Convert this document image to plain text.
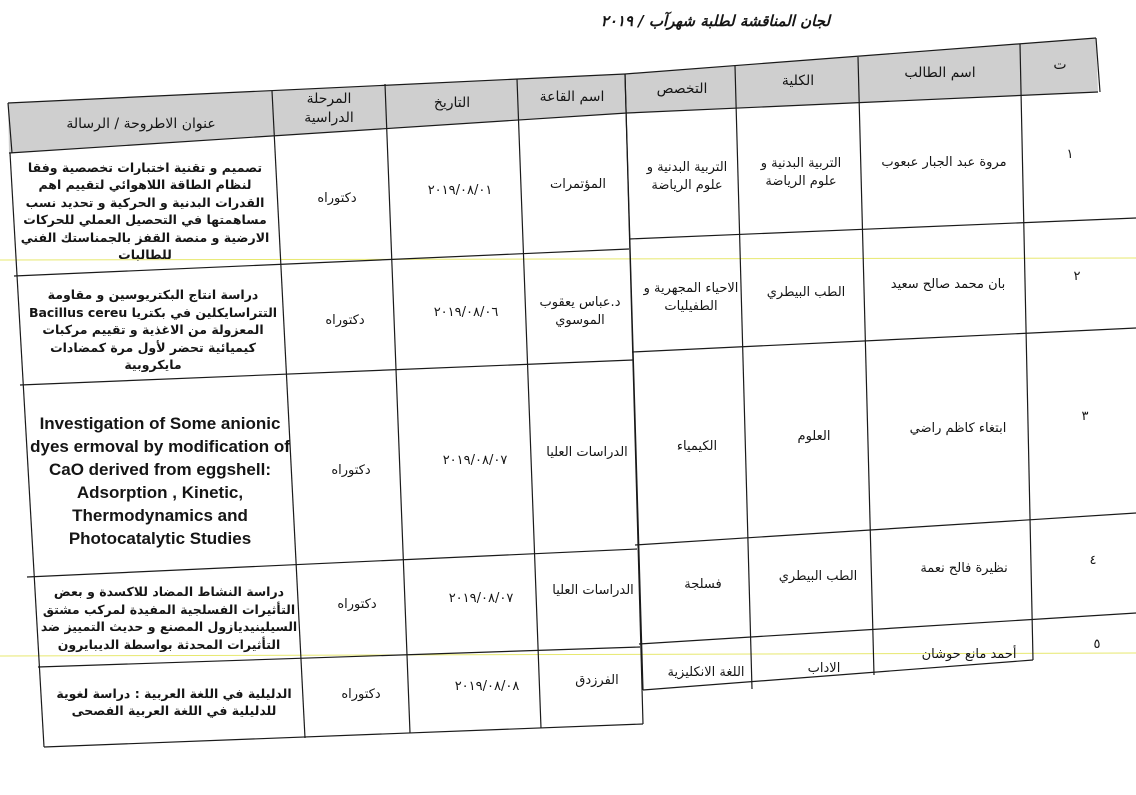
لجان المناقشة لطلبة شهرآب / ٢٠١٩
ت
اسم الطالب
الكلية
التخصص
اسم القاعة
التاريخ
المرحلة الدراسية
عنوان الاطروحة / الرسالة
١
مروة عبد الجبار عبعوب
التربية البدنية و علوم الرياضة
التربية البدنية و علوم الرياضة
المؤتمرات
٢٠١٩/٠٨/٠١
دكتوراه
تصميم و تقنية اختبارات تخصصية وفقا لنظام الطاقة اللاهوائي لتقييم اهم القدرات البدنية و الحركية و تحديد نسب مساهمتها في التحصيل العملي للحركات الارضية و منصة القفز بالجمناستك الفني للطالبات
٢
بان محمد صالح سعيد
الطب البيطري
الاحياء المجهرية و الطفيليات
د.عباس يعقوب الموسوي
٢٠١٩/٠٨/٠٦
دكتوراه
دراسة انتاج البكتريوسين و مقاومة التتراسايكلين في بكتريا Bacillus cereu المعزولة من الاغذية و تقييم مركبات كيميائية تحضر لأول مرة كمضادات مايكروبية
٣
ابتغاء كاظم راضي
العلوم
الكيمياء
الدراسات العليا
٢٠١٩/٠٨/٠٧
دكتوراه
Investigation of Some anionic dyes ermoval by modification of CaO derived from eggshell: Adsorption , Kinetic, Thermodynamics and Photocatalytic Studies
٤
نظيرة فالح نعمة
الطب البيطري
فسلجة
الدراسات العليا
٢٠١٩/٠٨/٠٧
دكتوراه
دراسة النشاط المضاد للاكسدة و بعض التأثيرات الفسلجية المفيدة لمركب مشتق السيلينيديازول المصنع و حديث التمييز ضد التأثيرات المحدثة بواسطة الديبايرون	٥
أحمد مانع حوشان
الاداب
اللغة الانكليزية
الفرزدق
٢٠١٩/٠٨/٠٨
دكتوراه
الدليلية في اللغة العربية : دراسة لغوية للدليلية في اللغة العربية الفصحى
